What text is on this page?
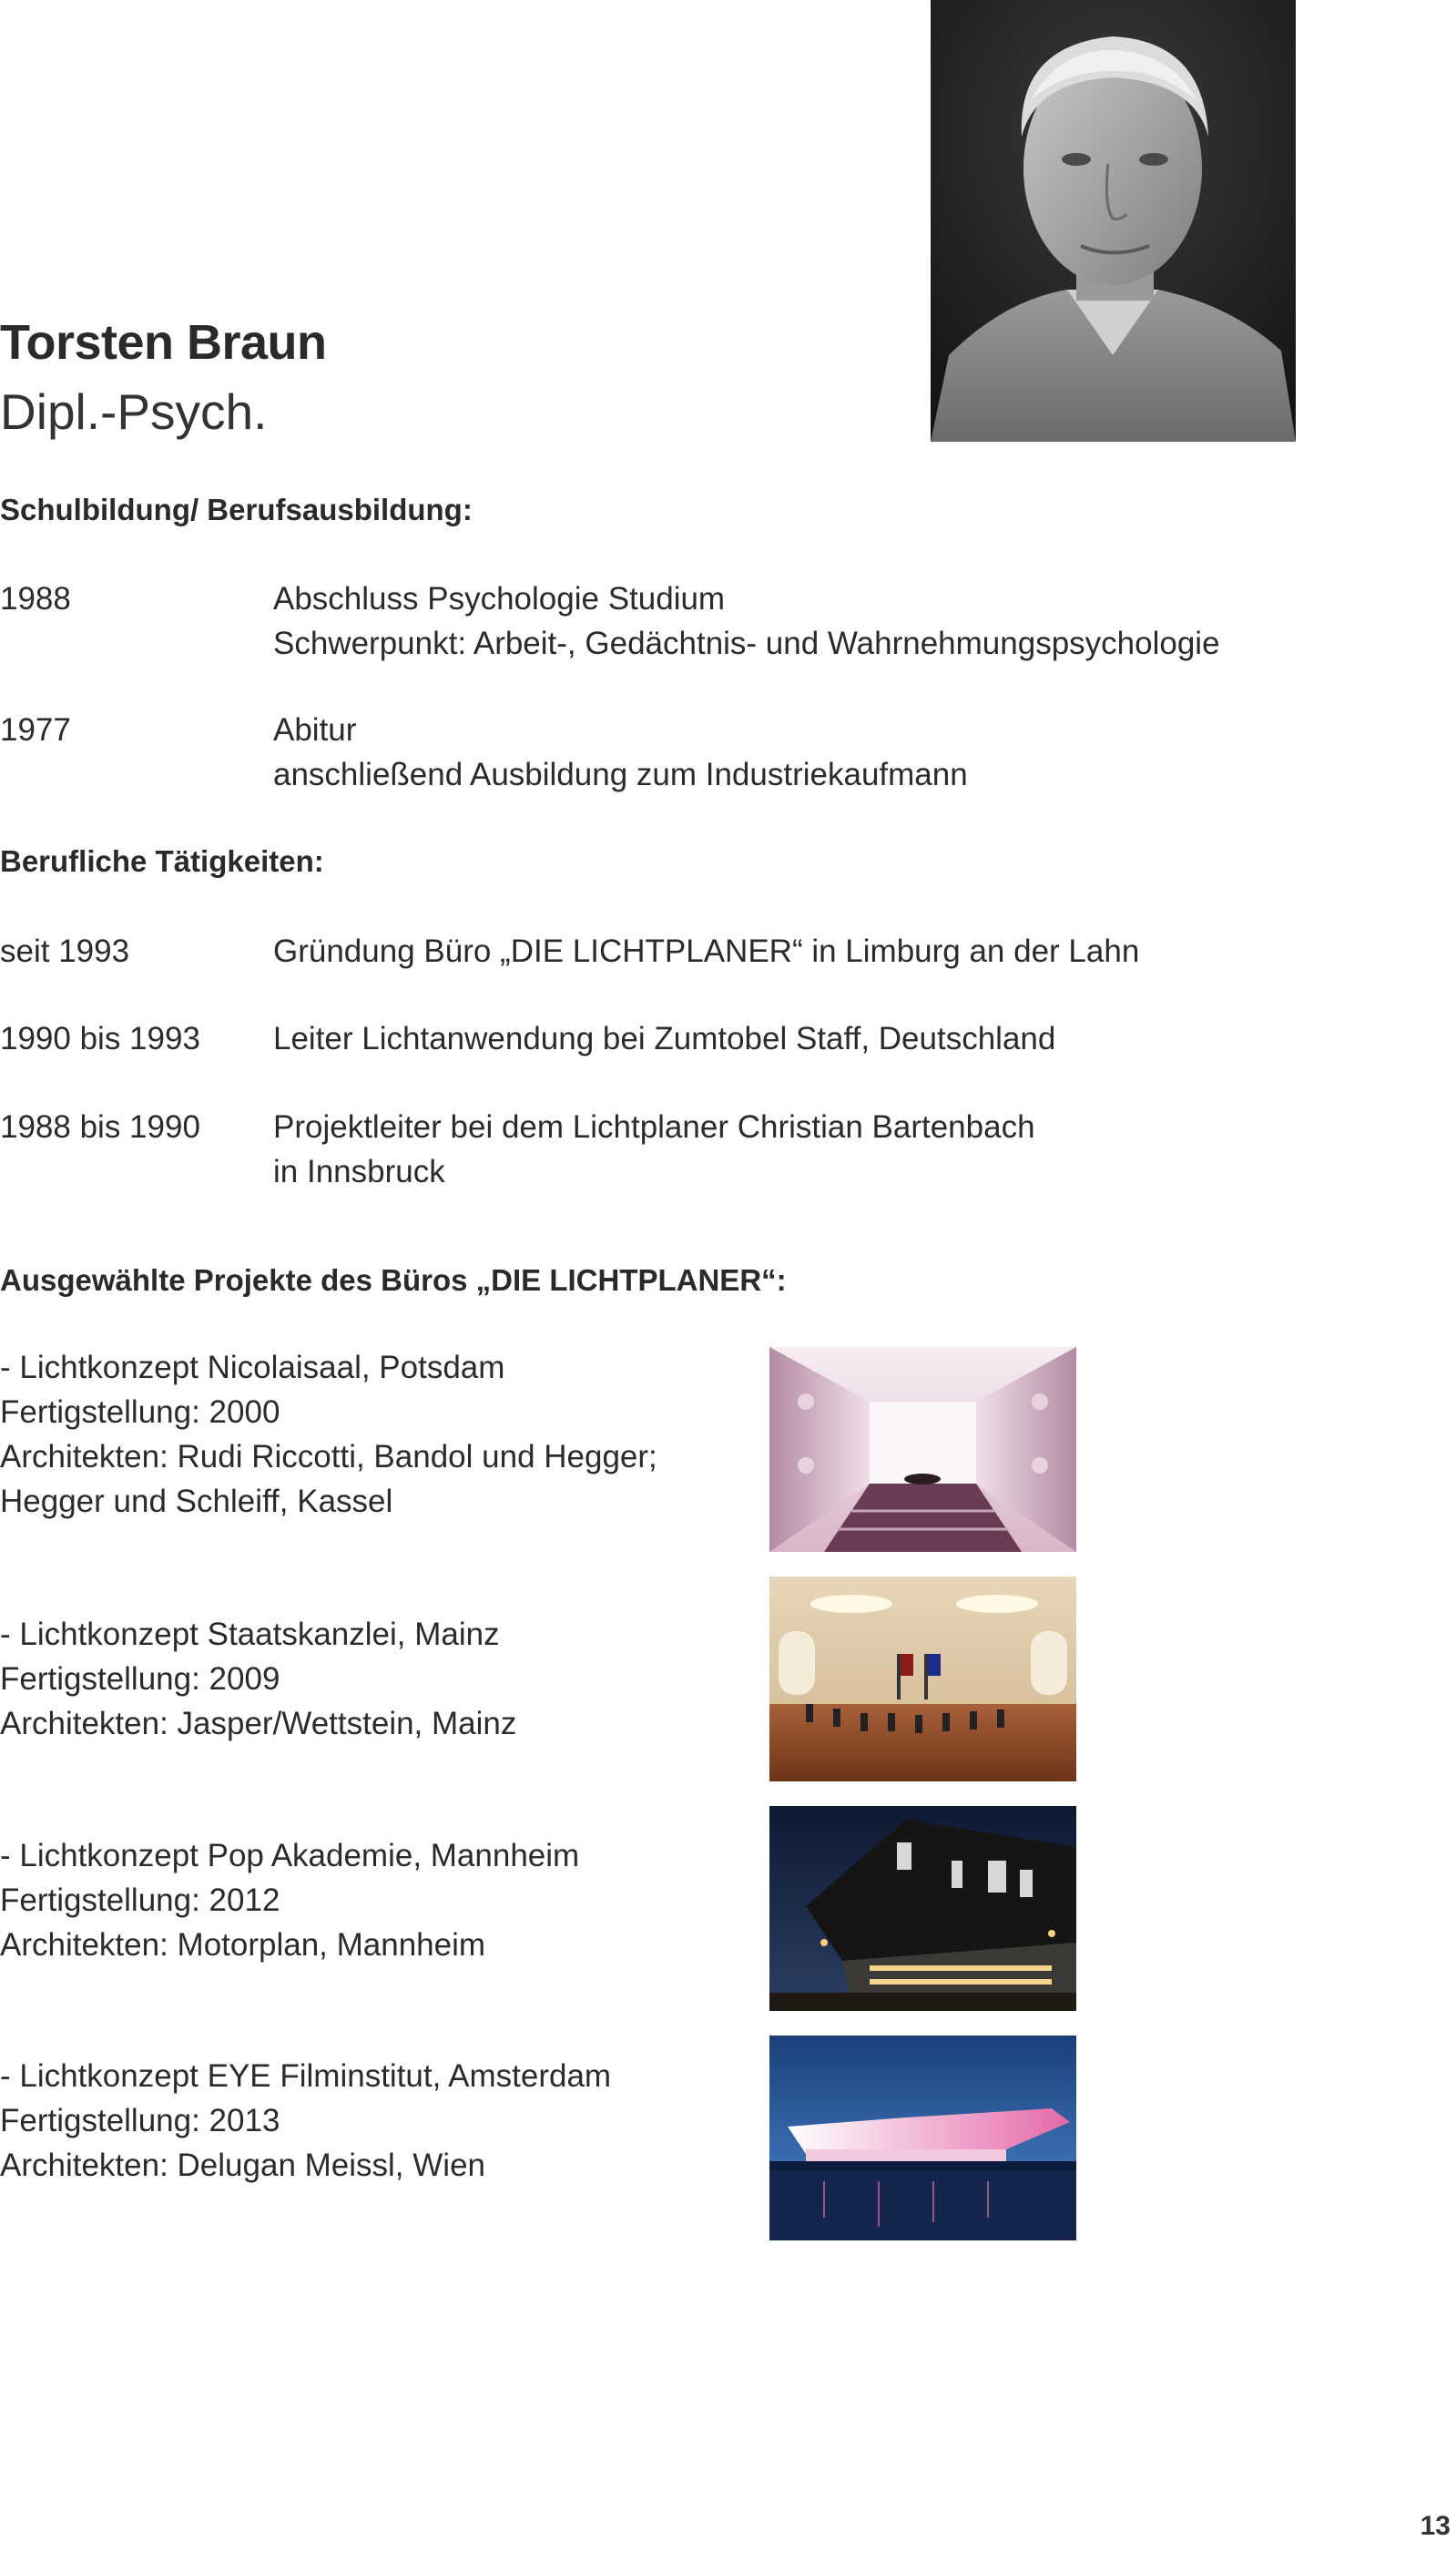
Torsten Braun
Dipl.-Psych.
Schulbildung/ Berufsausbildung:
1988	Abschluss Psychologie Studium
Schwerpunkt: Arbeit-, Gedächtnis- und Wahrnehmungspsychologie
1977	Abitur
anschließend Ausbildung zum Industriekaufmann
Berufliche Tätigkeiten:
seit 1993	Gründung Büro „DIE LICHTPLANER“ in Limburg an der Lahn
1990 bis 1993 Leiter Lichtanwendung bei Zumtobel Staff, Deutschland
1988 bis 1990 Projektleiter bei dem Lichtplaner Christian Bartenbach
in Innsbruck
Ausgewählte Projekte des Büros „DIE LICHTPLANER“:
- Lichtkonzept Nicolaisaal, Potsdam
Fertigstellung: 2000
Architekten: Rudi Riccotti, Bandol und Hegger;
Hegger und Schleiff, Kassel
- Lichtkonzept Staatskanzlei, Mainz
Fertigstellung: 2009
Architekten: Jasper/Wettstein, Mainz
- Lichtkonzept Pop Akademie, Mannheim
Fertigstellung: 2012
Architekten: Motorplan, Mannheim
- Lichtkonzept EYE Filminstitut, Amsterdam
Fertigstellung: 2013
Architekten: Delugan Meissl, Wien
13
